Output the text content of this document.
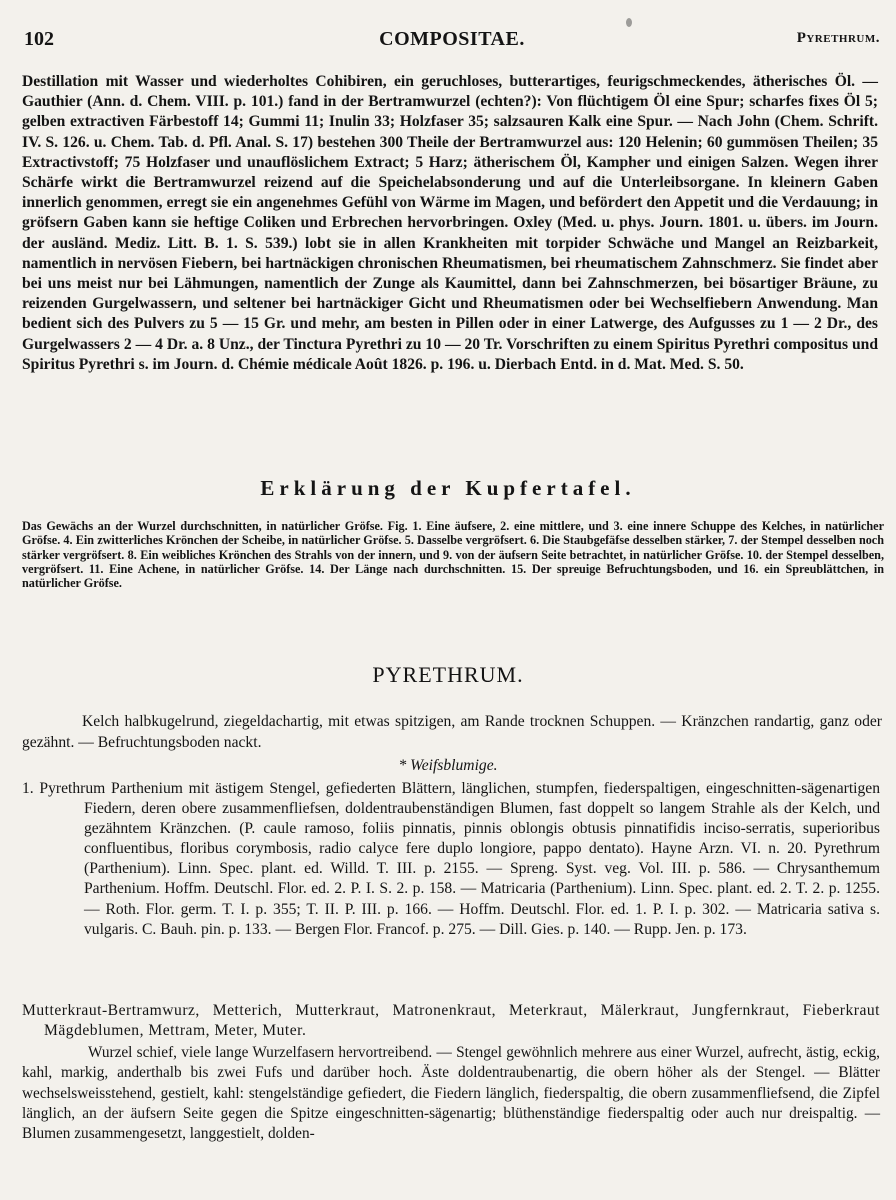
102	COMPOSITAE.	Pyrethrum.

Destillation mit Wasser und wiederholtes Cohibiren, ein geruchloses, butterartiges, feurigschmeckendes, ätherisches Öl. — Gauthier (Ann. d. Chem. VIII. p. 101.) fand in der Bertramwurzel (echten?): Von flüchtigem Öl eine Spur; scharfes fixes Öl 5; gelben extractiven Färbestoff 14; Gummi 11; Inulin 33; Holzfaser 35; salzsauren Kalk eine Spur. — Nach John (Chem. Schrift. IV. S. 126. u. Chem. Tab. d. Pfl. Anal. S. 17) bestehen 300 Theile der Bertramwurzel aus: 120 Helenin; 60 gummösen Theilen; 35 Extractivstoff; 75 Holzfaser und unauflöslichem Extract; 5 Harz; ätherischem Öl, Kampher und einigen Salzen. Wegen ihrer Schärfe wirkt die Bertramwurzel reizend auf die Speichelabsonderung und auf die Unterleibsorgane. In kleinern Gaben innerlich genommen, erregt sie ein angenehmes Gefühl von Wärme im Magen, und befördert den Appetit und die Verdauung; in gröfsern Gaben kann sie heftige Coliken und Erbrechen hervorbringen. Oxley (Med. u. phys. Journ. 1801. u. übers. im Journ. der ausländ. Mediz. Litt. B. 1. S. 539.) lobt sie in allen Krankheiten mit torpider Schwäche und Mangel an Reizbarkeit, namentlich in nervösen Fiebern, bei hartnäckigen chronischen Rheumatismen, bei rheumatischem Zahnschmerz. Sie findet aber bei uns meist nur bei Lähmungen, namentlich der Zunge als Kaumittel, dann bei Zahnschmerzen, bei bösartiger Bräune, zu reizenden Gurgelwassern, und seltener bei hartnäckiger Gicht und Rheumatismen oder bei Wechselfiebern Anwendung. Man bedient sich des Pulvers zu 5 — 15 Gr. und mehr, am besten in Pillen oder in einer Latwerge, des Aufgusses zu 1 — 2 Dr., des Gurgelwassers 2 — 4 Dr. a. 8 Unz., der Tinctura Pyrethri zu 10 — 20 Tr. Vorschriften zu einem Spiritus Pyrethri compositus und Spiritus Pyrethri s. im Journ. d. Chémie médicale Août 1826. p. 196. u. Dierbach Entd. in d. Mat. Med. S. 50.

Erklärung der Kupfertafel.

Das Gewächs an der Wurzel durchschnitten, in natürlicher Gröfse. Fig. 1. Eine äufsere, 2. eine mittlere, und 3. eine innere Schuppe des Kelches, in natürlicher Gröfse. 4. Ein zwitterliches Krönchen der Scheibe, in natürlicher Gröfse. 5. Dasselbe vergröfsert. 6. Die Staubgefäfse desselben stärker, 7. der Stempel desselben noch stärker vergröfsert. 8. Ein weibliches Krönchen des Strahls von der innern, und 9. von der äufsern Seite betrachtet, in natürlicher Gröfse. 10. der Stempel desselben, vergröfsert. 11. Eine Achene, in natürlicher Gröfse. 14. Der Länge nach durchschnitten. 15. Der spreuige Befruchtungsboden, und 16. ein Spreublättchen, in natürlicher Gröfse.

PYRETHRUM.

Kelch halbkugelrund, ziegeldachartig, mit etwas spitzigen, am Rande trocknen Schuppen. — Kränzchen randartig, ganz oder gezähnt. — Befruchtungsboden nackt.

* Weifsblumige.

1. Pyrethrum Parthenium mit ästigem Stengel, gefiederten Blättern, länglichen, stumpfen, fiederspaltigen, eingeschnitten-sägenartigen Fiedern, deren obere zusammenfliefsen, doldentraubenständigen Blumen, fast doppelt so langem Strahle als der Kelch, und gezähntem Kränzchen. (P. caule ramoso, foliis pinnatis, pinnis oblongis obtusis pinnatifidis inciso-serratis, superioribus confluentibus, floribus corymbosis, radio calyce fere duplo longiore, pappo dentato). Hayne Arzn. VI. n. 20. Pyrethrum (Parthenium). Linn. Spec. plant. ed. Willd. T. III. p. 2155. — Spreng. Syst. veg. Vol. III. p. 586. — Chrysanthemum Parthenium. Hoffm. Deutschl. Flor. ed. 2. P. I. S. 2. p. 158. — Matricaria (Parthenium). Linn. Spec. plant. ed. 2. T. 2. p. 1255. — Roth. Flor. germ. T. I. p. 355; T. II. P. III. p. 166. — Hoffm. Deutschl. Flor. ed. 1. P. I. p. 302. — Matricaria sativa s. vulgaris. C. Bauh. pin. p. 133. — Bergen Flor. Francof. p. 275. — Dill. Gies. p. 140. — Rupp. Jen. p. 173.

Mutterkraut-Bertramwurz, Metterich, Mutterkraut, Matronenkraut, Meterkraut, Mälerkraut, Jungfernkraut, Fieberkraut Mägdeblumen, Mettram, Meter, Muter.

Wurzel schief, viele lange Wurzelfasern hervortreibend. — Stengel gewöhnlich mehrere aus einer Wurzel, aufrecht, ästig, eckig, kahl, markig, anderthalb bis zwei Fufs und darüber hoch. Äste doldentraubenartig, die obern höher als der Stengel. — Blätter wechselsweisstehend, gestielt, kahl: stengelständige gefiedert, die Fiedern länglich, fiederspaltig, die obern zusammenfliefsend, die Zipfel länglich, an der äufsern Seite gegen die Spitze eingeschnitten-sägenartig; blüthenständige fiederspaltig oder auch nur dreispaltig. — Blumen zusammengesetzt, langgestielt, dolden-
